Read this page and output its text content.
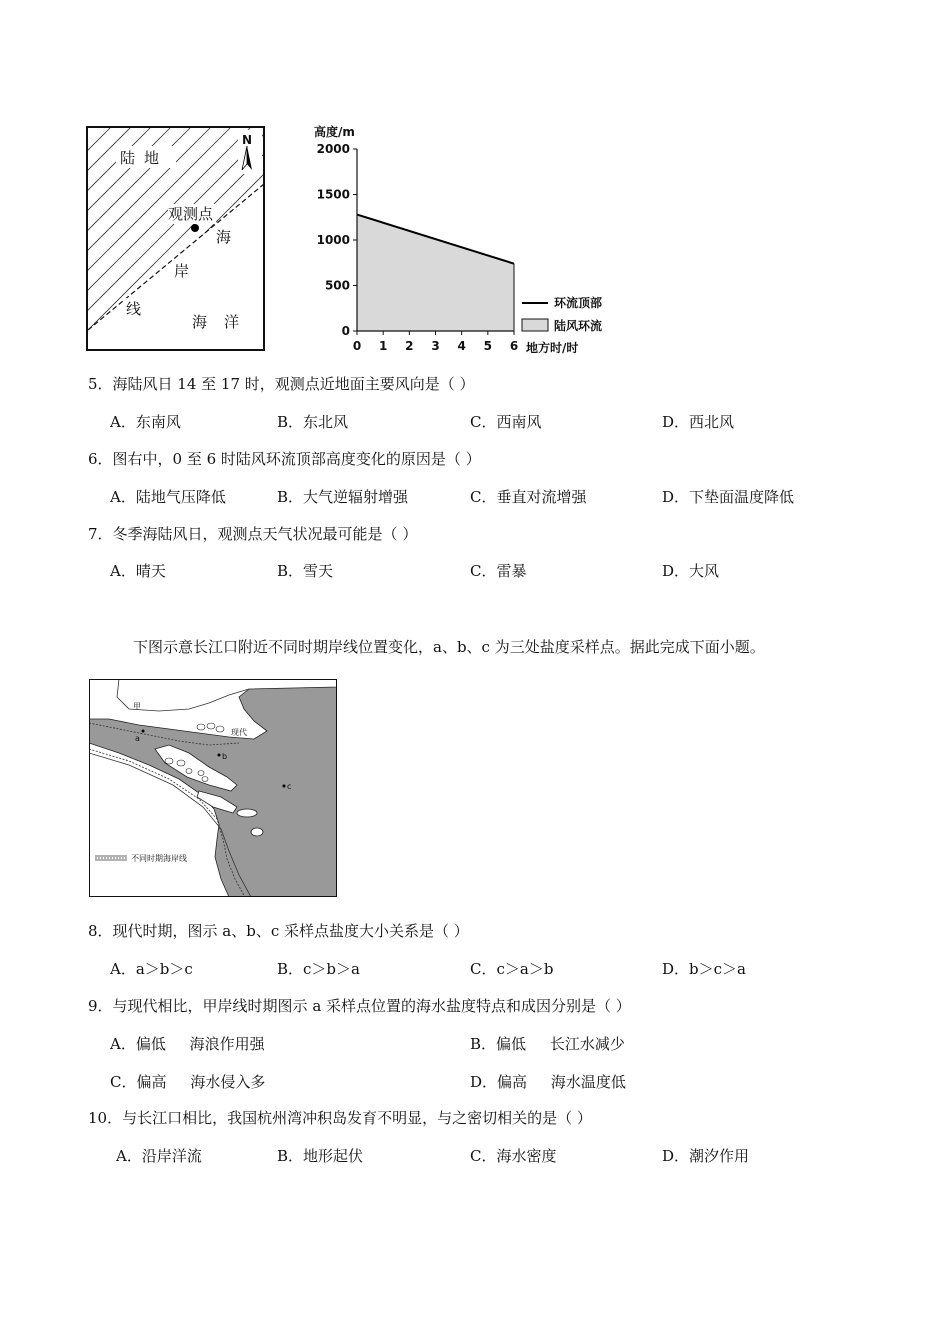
陆 地
观测点
海
岸
线
海 洋
N
高度/m
0
500
1000
1500
2000
0 1 2 3 4 5 6 地方时/时
环流顶部
陆风环流
5．海陆风日 14 至 17 时，观测点近地面主要风向是（ ）
A．东南风	B．东北风	C．西南风	D．西北风
6．图右中，0 至 6 时陆风环流顶部高度变化的原因是（ ）
A．陆地气压降低	B．大气逆辐射增强	C．垂直对流增强	D．下垫面温度降低
7．冬季海陆风日，观测点天气状况最可能是（ ）
A．晴天	B．雪天	C．雷暴	D．大风
下图示意长江口附近不同时期岸线位置变化，a、b、c 为三处盐度采样点。据此完成下面小题。
甲
现代
a
b
c
不同时期海岸线
8．现代时期，图示 a、b、c 采样点盐度大小关系是（ ）
A．a＞b＞c	B．c＞b＞a	C．c＞a＞b	D．b＞c＞a
9．与现代相比，甲岸线时期图示 a 采样点位置的海水盐度特点和成因分别是（ ）
A．偏低     海浪作用强	B．偏低     长江水减少
C．偏高     海水侵入多	D．偏高     海水温度低
10．与长江口相比，我国杭州湾冲积岛发育不明显，与之密切相关的是（ ）
A．沿岸洋流	B．地形起伏	C．海水密度	D．潮汐作用
